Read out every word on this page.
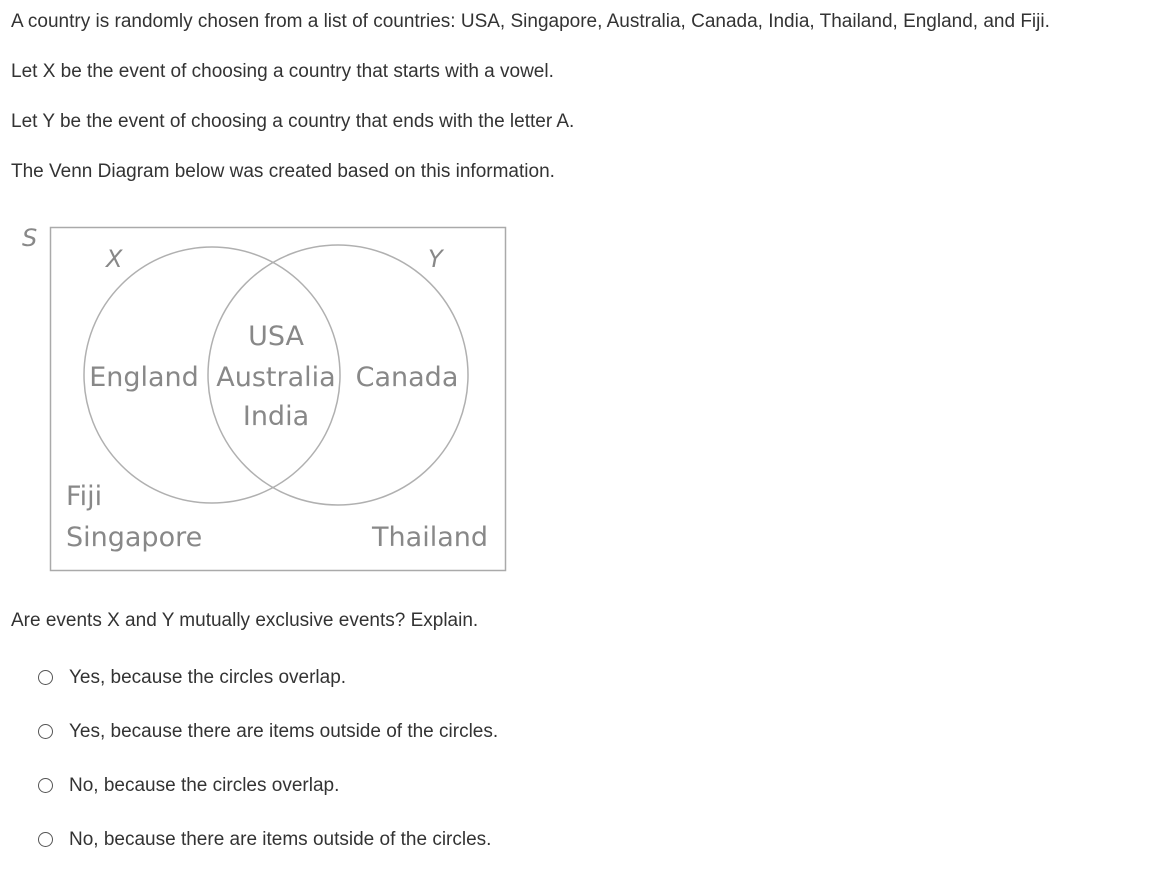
A country is randomly chosen from a list of countries: USA, Singapore, Australia, Canada, India, Thailand, England, and Fiji.

Let X be the event of choosing a country that starts with a vowel.

Let Y be the event of choosing a country that ends with the letter A.

The Venn Diagram below was created based on this information.

S
X	Y
England
USA
Australia
India
Canada
Fiji
Singapore	Thailand

Are events X and Y mutually exclusive events? Explain.

Yes, because the circles overlap.
Yes, because there are items outside of the circles.
No, because the circles overlap.
No, because there are items outside of the circles.
